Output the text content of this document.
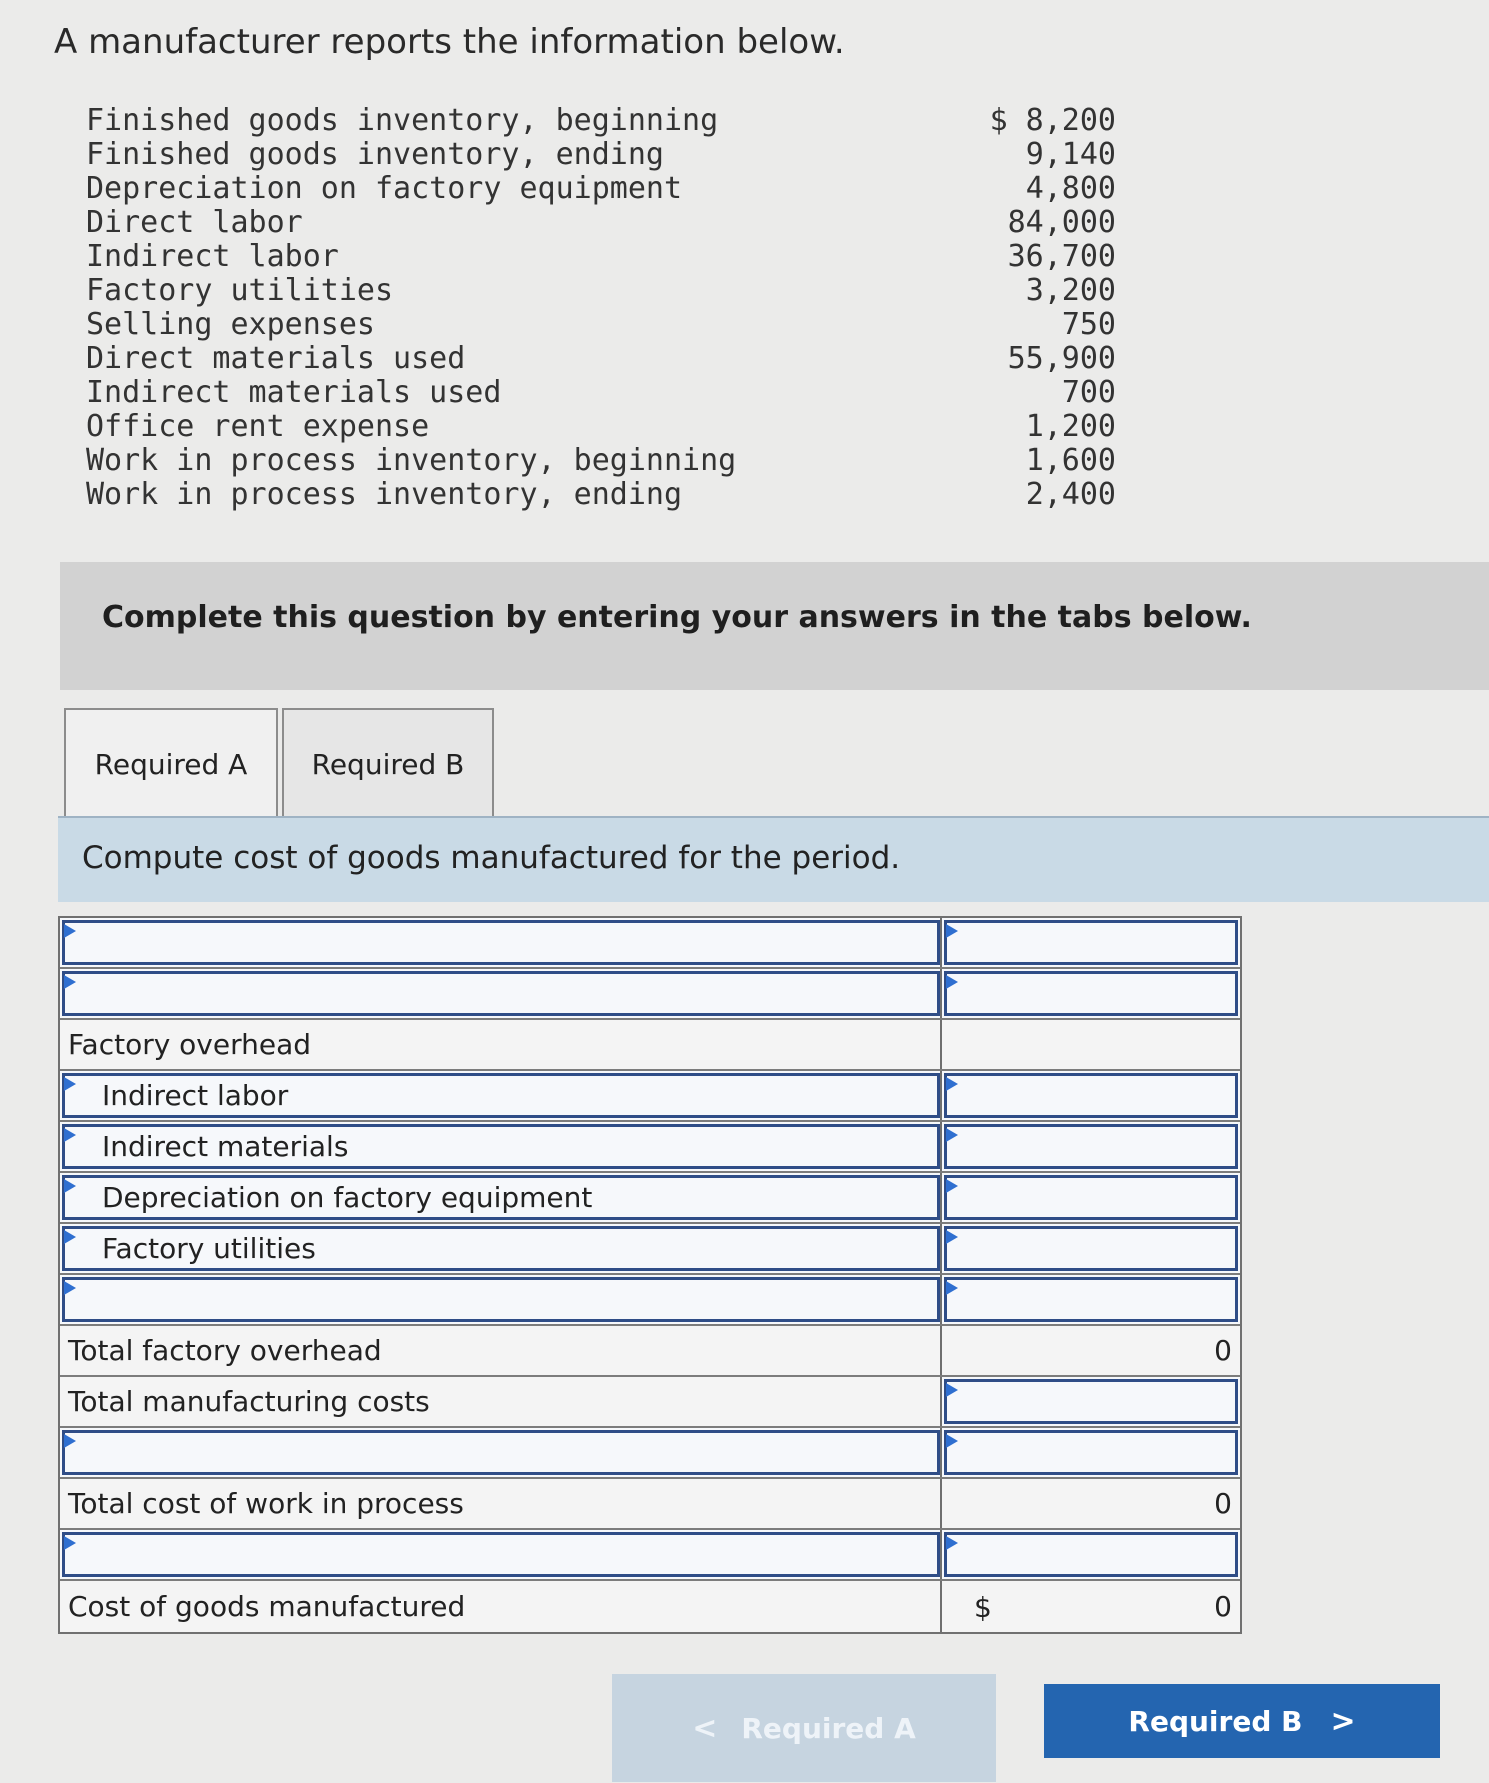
A manufacturer reports the information below.
Finished goods inventory, beginning	$ 8,200
Finished goods inventory, ending	9,140
Depreciation on factory equipment	4,800
Direct labor	84,000
Indirect labor	36,700
Factory utilities	3,200
Selling expenses	750
Direct materials used	55,900
Indirect materials used	700
Office rent expense	1,200
Work in process inventory, beginning	1,600
Work in process inventory, ending	2,400
Complete this question by entering your answers in the tabs below.
Required A	Required B
Compute cost of goods manufactured for the period.
Factory overhead
Indirect labor
Indirect materials
Depreciation on factory equipment
Factory utilities
Total factory overhead	0
Total manufacturing costs
Total cost of work in process	0
Cost of goods manufactured	$	0
< Required A	Required B >
